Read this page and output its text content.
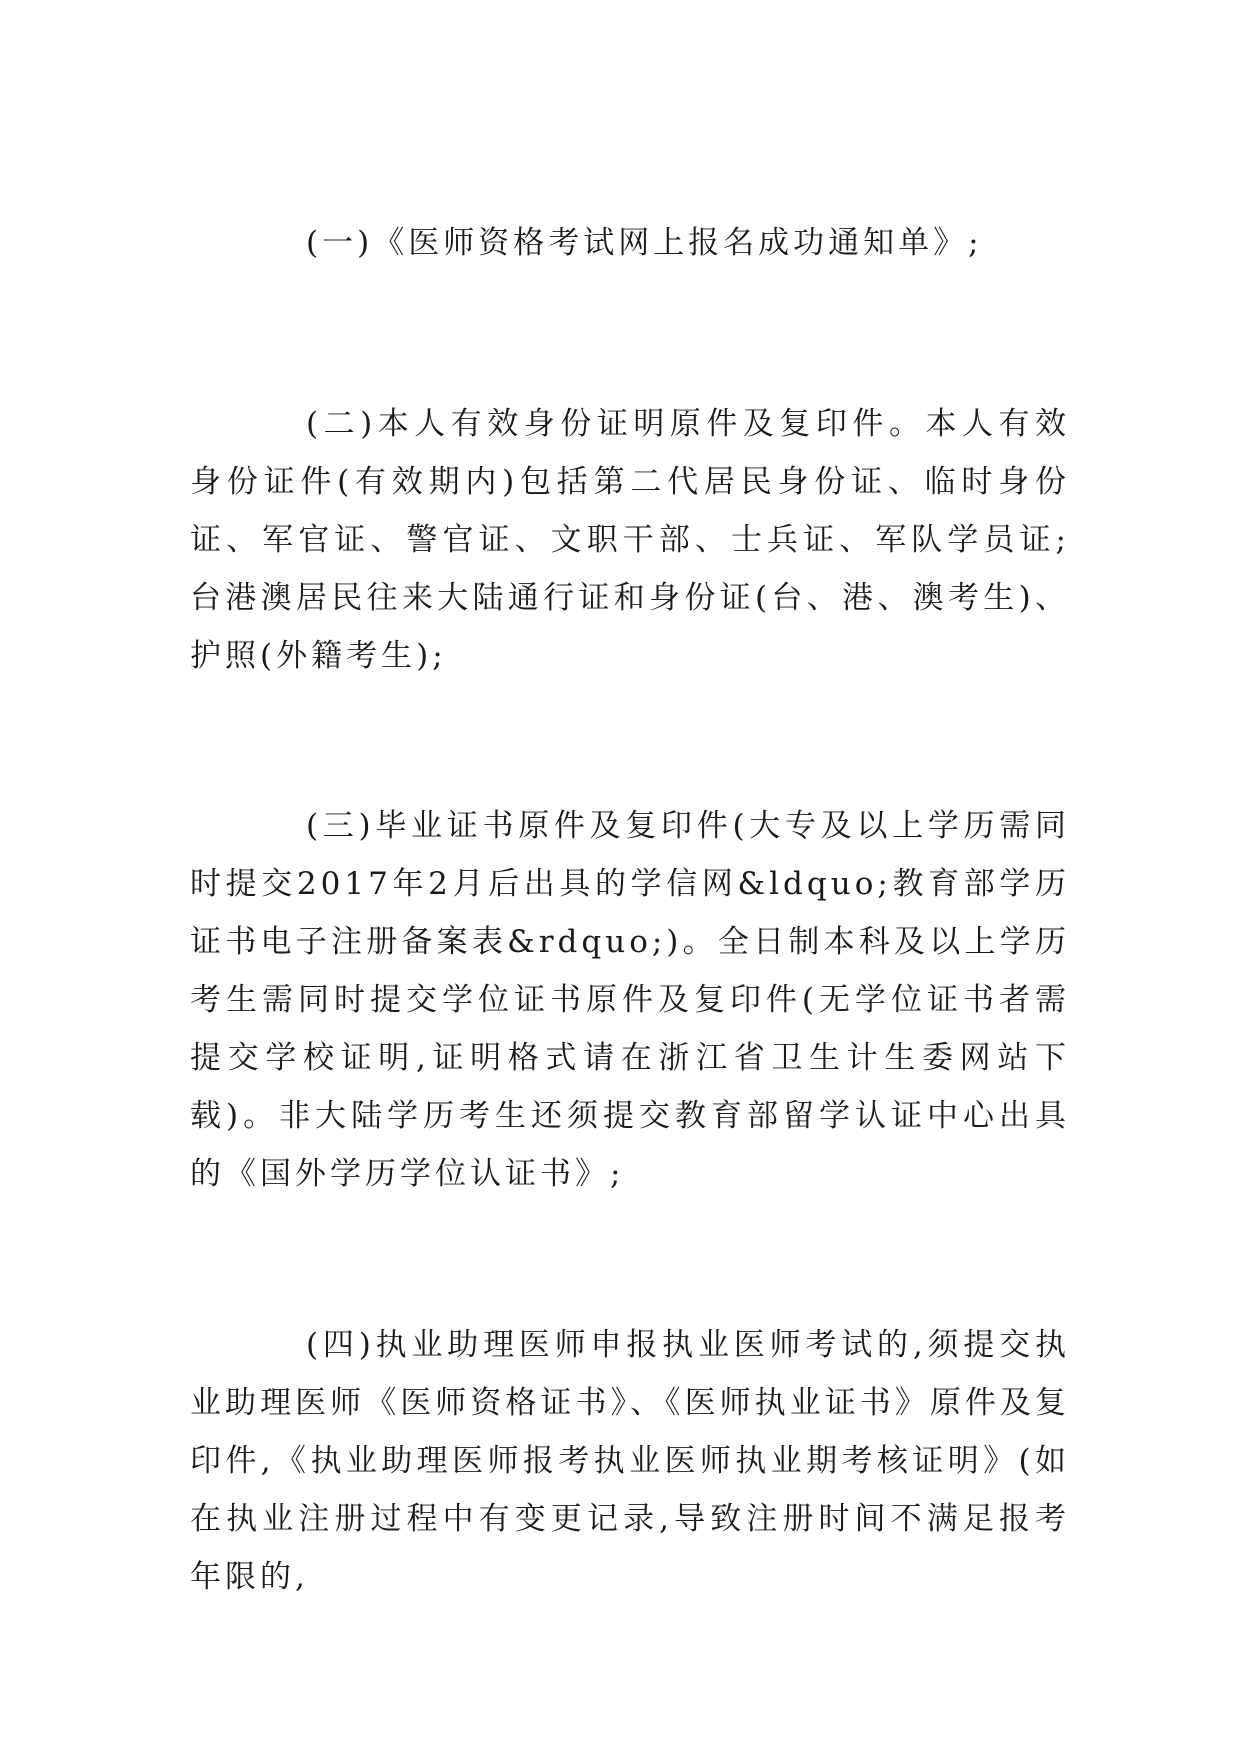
(一)《医师资格考试网上报名成功通知单》;

(二)本人有效身份证明原件及复印件。本人有效身份证件(有效期内)包括第二代居民身份证、临时身份证、军官证、警官证、文职干部、士兵证、军队学员证;台港澳居民往来大陆通行证和身份证(台、港、澳考生)、护照(外籍考生);

(三)毕业证书原件及复印件(大专及以上学历需同时提交2017年2月后出具的学信网&ldquo;教育部学历证书电子注册备案表&rdquo;)。全日制本科及以上学历考生需同时提交学位证书原件及复印件(无学位证书者需提交学校证明,证明格式请在浙江省卫生计生委网站下载)。非大陆学历考生还须提交教育部留学认证中心出具的《国外学历学位认证书》;

(四)执业助理医师申报执业医师考试的,须提交执业助理医师《医师资格证书》、《医师执业证书》原件及复印件,《执业助理医师报考执业医师执业期考核证明》(如在执业注册过程中有变更记录,导致注册时间不满足报考年限的,
